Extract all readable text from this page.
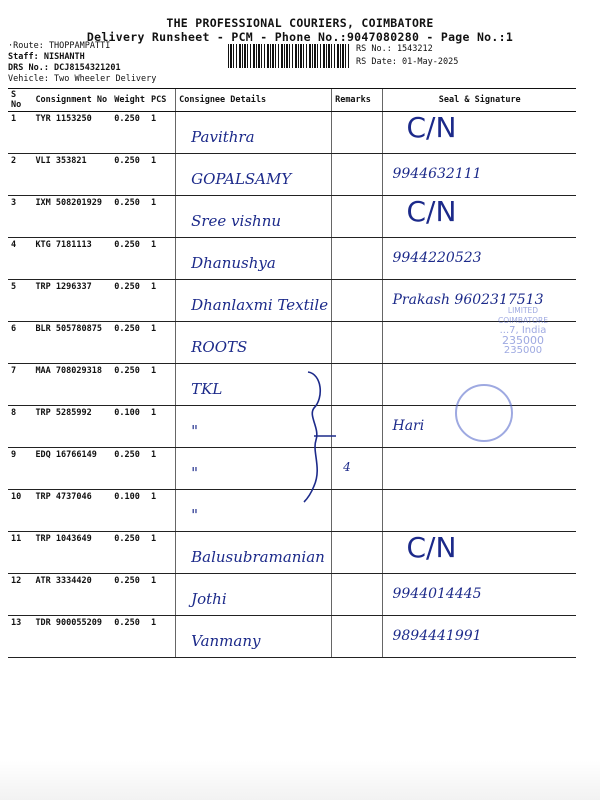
THE PROFESSIONAL COURIERS, COIMBATORE
Delivery Runsheet - PCM - Phone No.:9047080280 - Page No.:1
·Route: THOPPAMPATTI
Staff: NISHANTH
DRS No.: DCJ8154321201
Vehicle: Two Wheeler Delivery
RS No.: 1543212
RS Date: 01-May-2025
S No	Consignment No	Weight	PCS	Consignee Details	Remarks	Seal & Signature
1	TYR 1153250	0.250	1	Pavithra		C/N
2	VLI 353821	0.250	1	GOPALSAMY		9944632111
3	IXM 508201929	0.250	1	Sree vishnu		C/N
4	KTG 7181113	0.250	1	Dhanushya		9944220523
5	TRP 1296337	0.250	1	Dhanlaxmi Textile		Prakash 9602317513
6	BLR 505780875	0.250	1	ROOTS		
7	MAA 708029318	0.250	1	TKL		
8	TRP 5285992	0.100	1	"		Hari
9	EDQ 16766149	0.250	1	"	4	
10	TRP 4737046	0.100	1	"		
11	TRP 1043649	0.250	1	Balusubramanian		C/N
12	ATR 3334420	0.250	1	Jothi		9944014445
13	TDR 900055209	0.250	1	Vanmany		9894441991
LIMITED
COIMBATORE
...7, India
235000
235000
